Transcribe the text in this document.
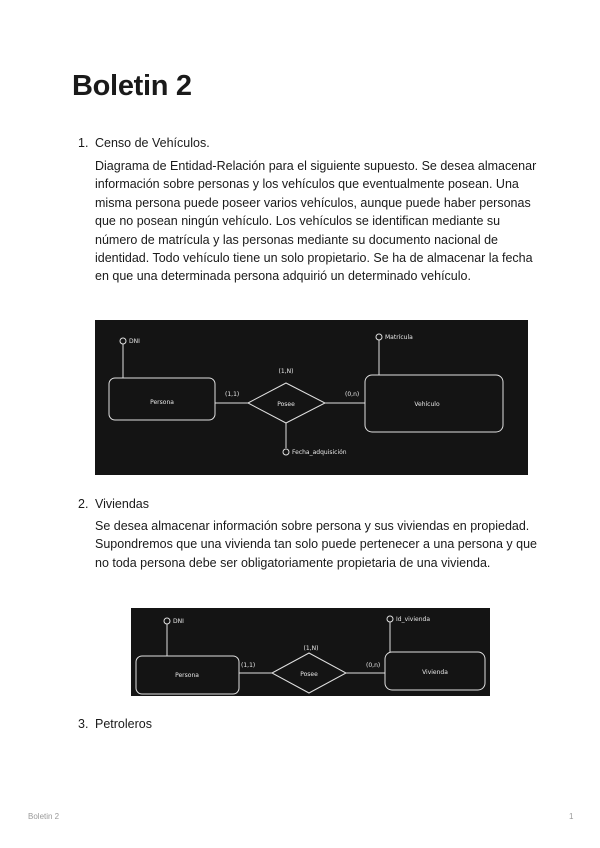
Boletin 2
1. Censo de Vehículos.

Diagrama de Entidad-Relación para el siguiente supuesto. Se desea almacenar información sobre personas y los vehículos que eventualmente posean. Una misma persona puede poseer varios vehículos, aunque puede haber personas que no posean ningún vehículo. Los vehículos se identifican mediante su número de matrícula y las personas mediante su documento nacional de identidad. Todo vehículo tiene un solo propietario. Se ha de almacenar la fecha en que una determinada persona adquirió un determinado vehículo.

DNI
Persona
(1,1)
Posee
(1,N)
(0,n)
Vehículo
Matrícula
Fecha_adquisición
2. Viviendas

Se desea almacenar información sobre persona y sus viviendas en propiedad. Supondremos que una vivienda tan solo puede pertenecer a una persona y que no toda persona debe ser obligatoriamente propietaria de una vivienda.

DNI
Persona
(1,1)
Posee
(1,N)
(0,n)
Vivienda
Id_vivienda
3. Petroleros
Boletin 2	1
